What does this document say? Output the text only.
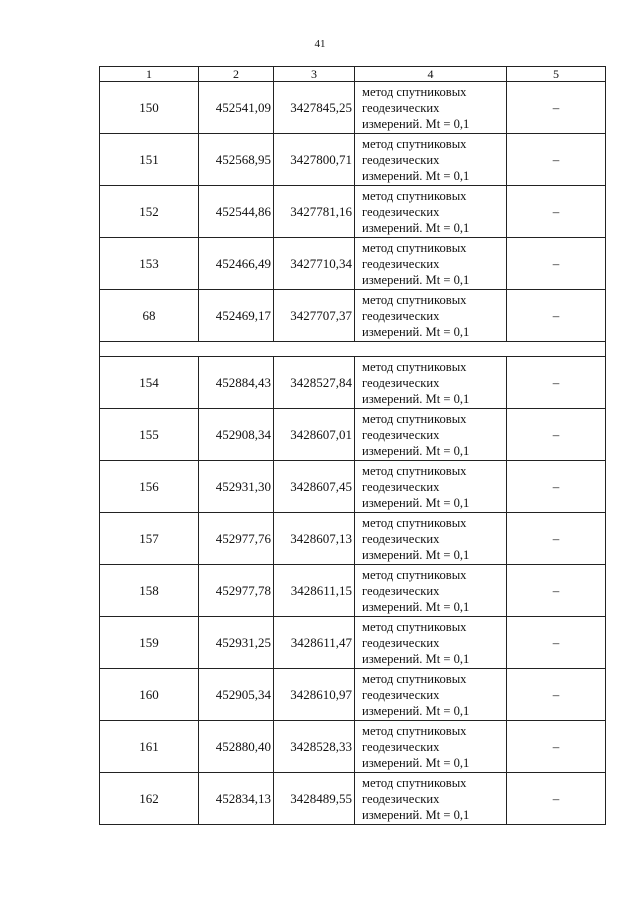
41
1	2	3	4	5
150	452541,09	3427845,25	метод спутниковых
геодезических
измерений. Mt = 0,1	–
151	452568,95	3427800,71	метод спутниковых
геодезических
измерений. Mt = 0,1	–
152	452544,86	3427781,16	метод спутниковых
геодезических
измерений. Mt = 0,1	–
153	452466,49	3427710,34	метод спутниковых
геодезических
измерений. Mt = 0,1	–
68	452469,17	3427707,37	метод спутниковых
геодезических
измерений. Mt = 0,1	–

154	452884,43	3428527,84	метод спутниковых
геодезических
измерений. Mt = 0,1	–
155	452908,34	3428607,01	метод спутниковых
геодезических
измерений. Mt = 0,1	–
156	452931,30	3428607,45	метод спутниковых
геодезических
измерений. Mt = 0,1	–
157	452977,76	3428607,13	метод спутниковых
геодезических
измерений. Mt = 0,1	–
158	452977,78	3428611,15	метод спутниковых
геодезических
измерений. Mt = 0,1	–
159	452931,25	3428611,47	метод спутниковых
геодезических
измерений. Mt = 0,1	–
160	452905,34	3428610,97	метод спутниковых
геодезических
измерений. Mt = 0,1	–
161	452880,40	3428528,33	метод спутниковых
геодезических
измерений. Mt = 0,1	–
162	452834,13	3428489,55	метод спутниковых
геодезических
измерений. Mt = 0,1	–
